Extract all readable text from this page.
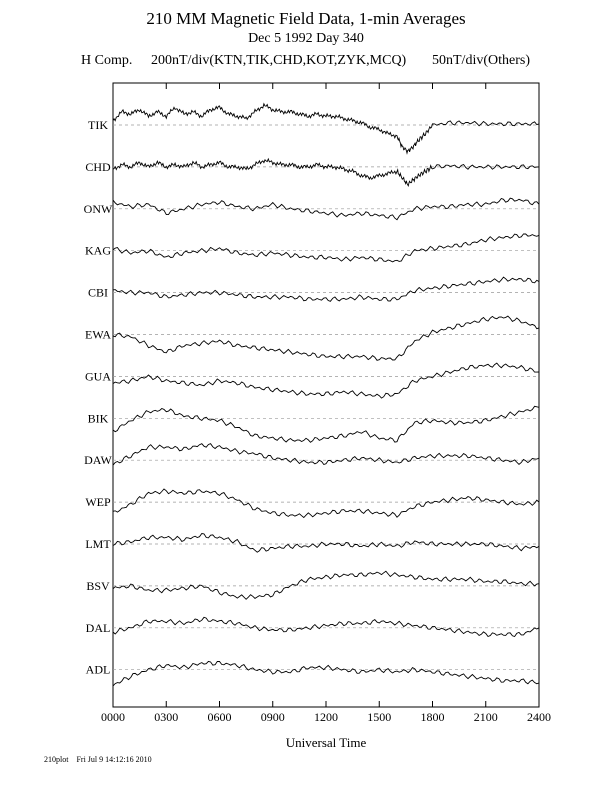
210 MM Magnetic Field Data, 1-min Averages
Dec 5 1992 Day 340
H Comp. 200nT/div(KTN,TIK,CHD,KOT,ZYK,MCQ) 50nT/div(Others)
TIK
CHD
ONW
KAG
CBI
EWA
GUA
BIK
DAW
WEP
LMT
BSV
DAL
ADL
0000 0300 0600 0900 1200 1500 1800 2100 2400
Universal Time
210plot Fri Jul 9 14:12:16 2010
